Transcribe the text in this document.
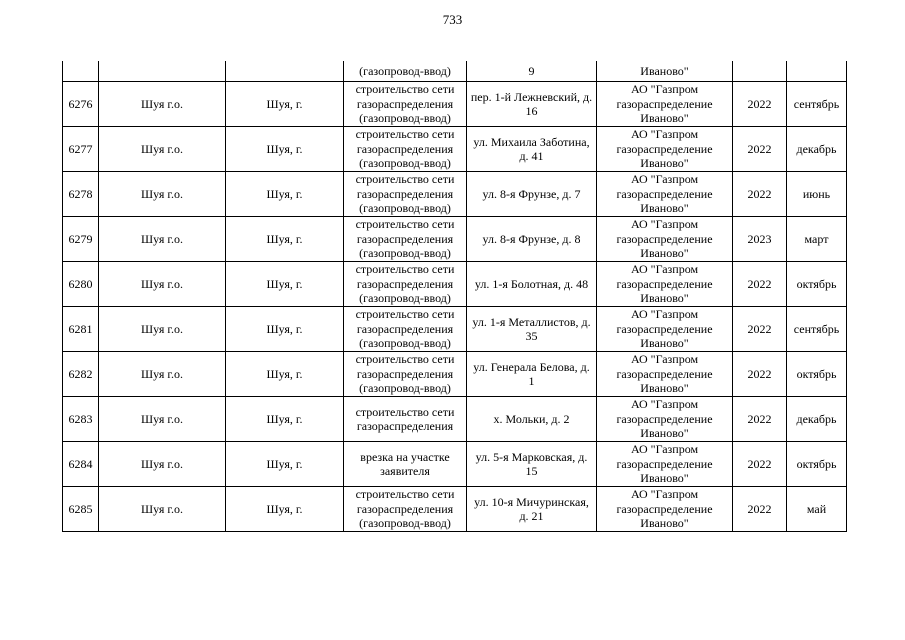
733
			(газопровод-ввод)	9	Иваново"		
6276	Шуя г.о.	Шуя, г.	строительство сети газораспределения (газопровод-ввод)	пер. 1-й Лежневский, д. 16	АО "Газпром газораспределение Иваново"	2022	сентябрь
6277	Шуя г.о.	Шуя, г.	строительство сети газораспределения (газопровод-ввод)	ул. Михаила Заботина, д. 41	АО "Газпром газораспределение Иваново"	2022	декабрь
6278	Шуя г.о.	Шуя, г.	строительство сети газораспределения (газопровод-ввод)	ул. 8-я Фрунзе, д. 7	АО "Газпром газораспределение Иваново"	2022	июнь
6279	Шуя г.о.	Шуя, г.	строительство сети газораспределения (газопровод-ввод)	ул. 8-я Фрунзе, д. 8	АО "Газпром газораспределение Иваново"	2023	март
6280	Шуя г.о.	Шуя, г.	строительство сети газораспределения (газопровод-ввод)	ул. 1-я Болотная, д. 48	АО "Газпром газораспределение Иваново"	2022	октябрь
6281	Шуя г.о.	Шуя, г.	строительство сети газораспределения (газопровод-ввод)	ул. 1-я Металлистов, д. 35	АО "Газпром газораспределение Иваново"	2022	сентябрь
6282	Шуя г.о.	Шуя, г.	строительство сети газораспределения (газопровод-ввод)	ул. Генерала Белова, д. 1	АО "Газпром газораспределение Иваново"	2022	октябрь
6283	Шуя г.о.	Шуя, г.	строительство сети газораспределения	х. Мольки, д. 2	АО "Газпром газораспределение Иваново"	2022	декабрь
6284	Шуя г.о.	Шуя, г.	врезка на участке заявителя	ул. 5-я Марковская, д. 15	АО "Газпром газораспределение Иваново"	2022	октябрь
6285	Шуя г.о.	Шуя, г.	строительство сети газораспределения (газопровод-ввод)	ул. 10-я Мичуринская, д. 21	АО "Газпром газораспределение Иваново"	2022	май
